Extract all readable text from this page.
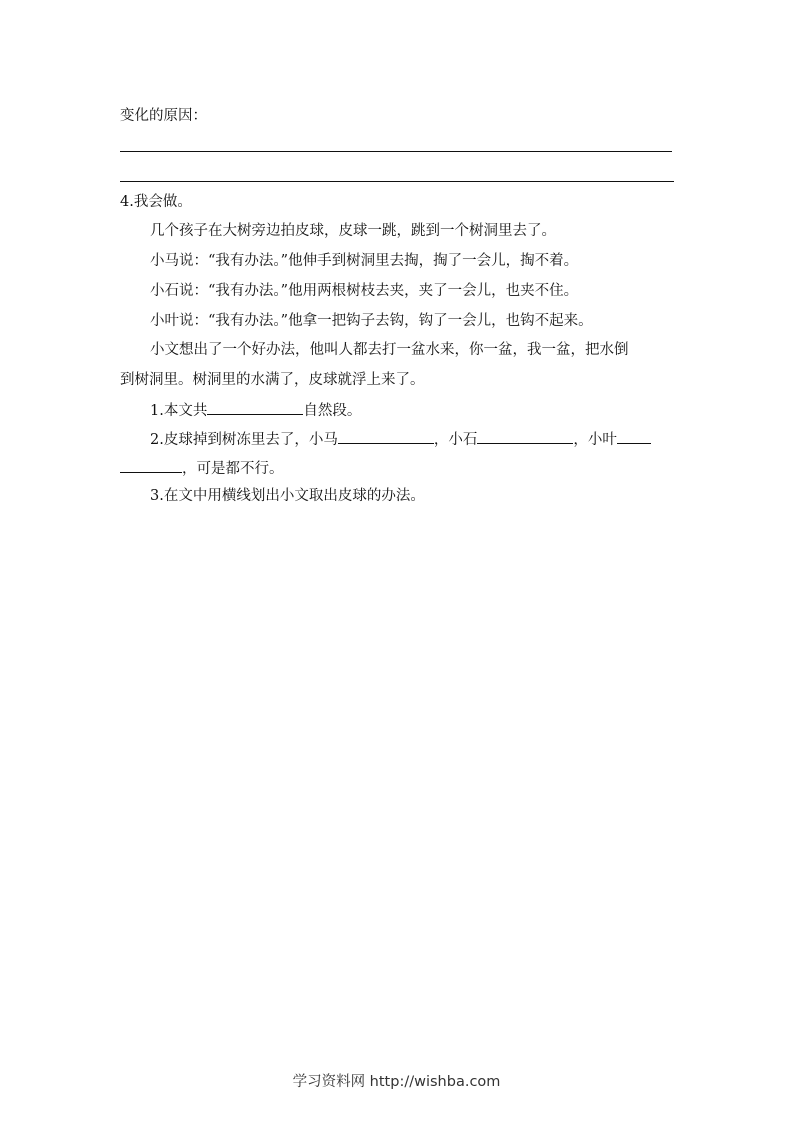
变化的原因：
4.我会做。
几个孩子在大树旁边拍皮球，皮球一跳，跳到一个树洞里去了。
小马说：“我有办法。”他伸手到树洞里去掏，掏了一会儿，掏不着。
小石说：“我有办法。”他用两根树枝去夹，夹了一会儿，也夹不住。
小叶说：“我有办法。”他拿一把钩子去钩，钩了一会儿，也钩不起来。
小文想出了一个好办法，他叫人都去打一盆水来，你一盆，我一盆，把水倒
到树洞里。树洞里的水满了，皮球就浮上来了。
1.本文共	自然段。
2.皮球掉到树冻里去了，小马	，小石	，小叶
，可是都不行。
3.在文中用横线划出小文取出皮球的办法。
学习资料网 http://wishba.com
